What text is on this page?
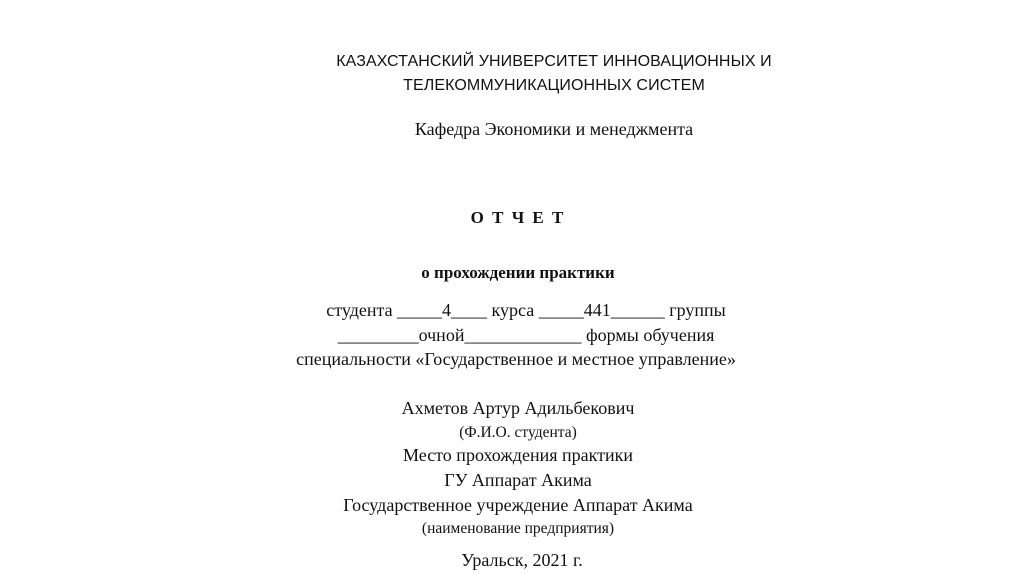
КАЗАХСТАНСКИЙ УНИВЕРСИТЕТ ИННОВАЦИОННЫХ И
ТЕЛЕКОММУНИКАЦИОННЫХ СИСТЕМ
Кафедра Экономики и менеджмента
О Т Ч Е Т
о прохождении практики
студента _____4____ курса _____441______ группы
_________очной_____________ формы обучения
специальности «Государственное и местное управление»
Ахметов Артур Адильбекович
(Ф.И.О. студента)
Место прохождения практики
ГУ Аппарат Акима
Государственное учреждение Аппарат Акима
(наименование предприятия)
Уральск, 2021 г.
